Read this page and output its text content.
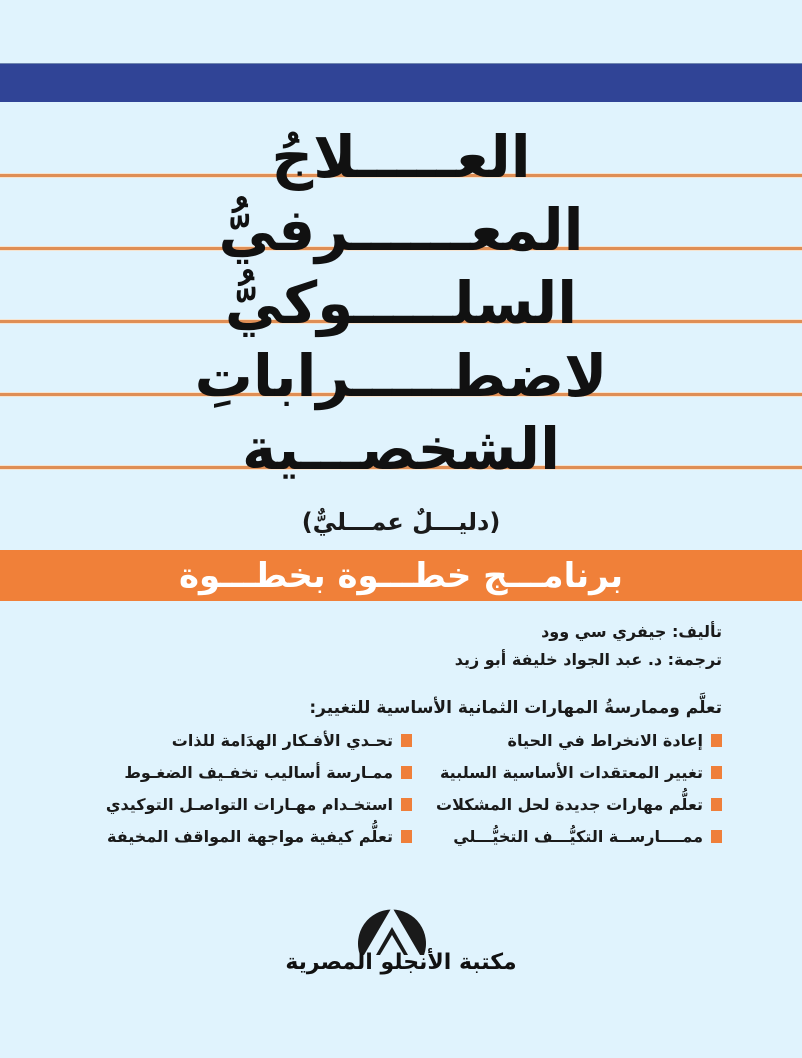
العـــــلاجُ
المعــــــرفيُّ
السلـــــوكيُّ
لاضطـــــراباتِ
الشخصـــية
(دليـــلٌ عمـــليٌّ)
برنامـــج خطـــوة بخطـــوة
تأليف: جيفري سي وود
ترجمة: د. عبد الجواد خليفة أبو زيد
تعلَّم وممارسةُ المهارات الثمانية الأساسية للتغيير:
إعادة الانخراط في الحياة
تحـدي الأفـكار الهدَامة للذات
تغيير المعتقدات الأساسية السلبية
ممـارسة أساليب تخفـيف الضغـوط
تعلُّم مهارات جديدة لحل المشكلات
استخـدام مهـارات التواصـل التوكيدي
ممــــارســة التكيُّـــف التخيُّـــلي
تعلُّم كيفية مواجهة المواقف المخيفة
مكتبة الأنجلو المصرية
